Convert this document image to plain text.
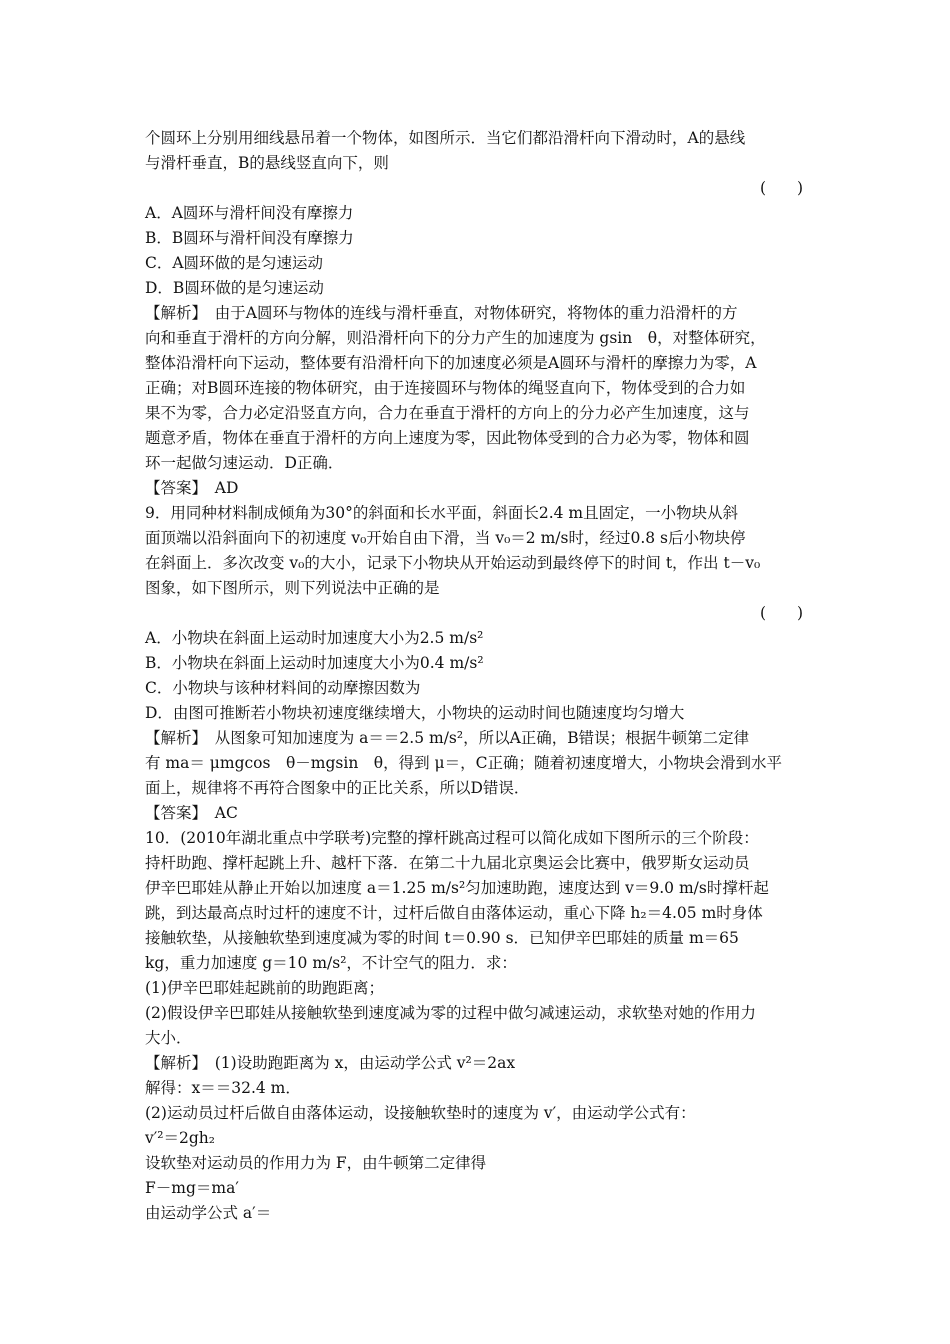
个圆环上分别用细线悬吊着一个物体，如图所示．当它们都沿滑杆向下滑动时，A的悬线
与滑杆垂直，B的悬线竖直向下，则
(　　)
A．A圆环与滑杆间没有摩擦力
B．B圆环与滑杆间没有摩擦力
C．A圆环做的是匀速运动
D．B圆环做的是匀速运动
【解析】　由于A圆环与物体的连线与滑杆垂直，对物体研究，将物体的重力沿滑杆的方
向和垂直于滑杆的方向分解，则沿滑杆向下的分力产生的加速度为 gsin　θ，对整体研究，
整体沿滑杆向下运动，整体要有沿滑杆向下的加速度必须是A圆环与滑杆的摩擦力为零，A
正确；对B圆环连接的物体研究，由于连接圆环与物体的绳竖直向下，物体受到的合力如
果不为零，合力必定沿竖直方向，合力在垂直于滑杆的方向上的分力必产生加速度，这与
题意矛盾，物体在垂直于滑杆的方向上速度为零，因此物体受到的合力必为零，物体和圆
环一起做匀速运动．D正确．
【答案】　AD
9．用同种材料制成倾角为30°的斜面和长水平面，斜面长2.4 m且固定，一小物块从斜
面顶端以沿斜面向下的初速度 v₀开始自由下滑，当 v₀＝2 m/s时，经过0.8 s后小物块停
在斜面上．多次改变 v₀的大小，记录下小物块从开始运动到最终停下的时间 t，作出 t－v₀
图象，如下图所示，则下列说法中正确的是
(　　)
A．小物块在斜面上运动时加速度大小为2.5 m/s²
B．小物块在斜面上运动时加速度大小为0.4 m/s²
C．小物块与该种材料间的动摩擦因数为
D．由图可推断若小物块初速度继续增大，小物块的运动时间也随速度均匀增大
【解析】　从图象可知加速度为 a＝＝2.5 m/s²，所以A正确，B错误；根据牛顿第二定律
有 ma＝ μmgcos　θ－mgsin　θ，得到 μ＝，C正确；随着初速度增大，小物块会滑到水平
面上，规律将不再符合图象中的正比关系，所以D错误．
【答案】　AC
10．(2010年湖北重点中学联考)完整的撑杆跳高过程可以简化成如下图所示的三个阶段：
持杆助跑、撑杆起跳上升、越杆下落．在第二十九届北京奥运会比赛中，俄罗斯女运动员
伊辛巴耶娃从静止开始以加速度 a＝1.25 m/s²匀加速助跑，速度达到 v＝9.0 m/s时撑杆起
跳，到达最高点时过杆的速度不计，过杆后做自由落体运动，重心下降 h₂＝4.05 m时身体
接触软垫，从接触软垫到速度减为零的时间 t＝0.90 s．已知伊辛巴耶娃的质量 m＝65
kg，重力加速度 g＝10 m/s²，不计空气的阻力．求：
(1)伊辛巴耶娃起跳前的助跑距离；
(2)假设伊辛巴耶娃从接触软垫到速度减为零的过程中做匀减速运动，求软垫对她的作用力
大小．
【解析】　(1)设助跑距离为 x，由运动学公式 v²＝2ax
解得：x＝＝32.4 m．
(2)运动员过杆后做自由落体运动，设接触软垫时的速度为 v′，由运动学公式有：
v′²＝2gh₂
设软垫对运动员的作用力为 F，由牛顿第二定律得
F－mg＝ma′
由运动学公式 a′＝
